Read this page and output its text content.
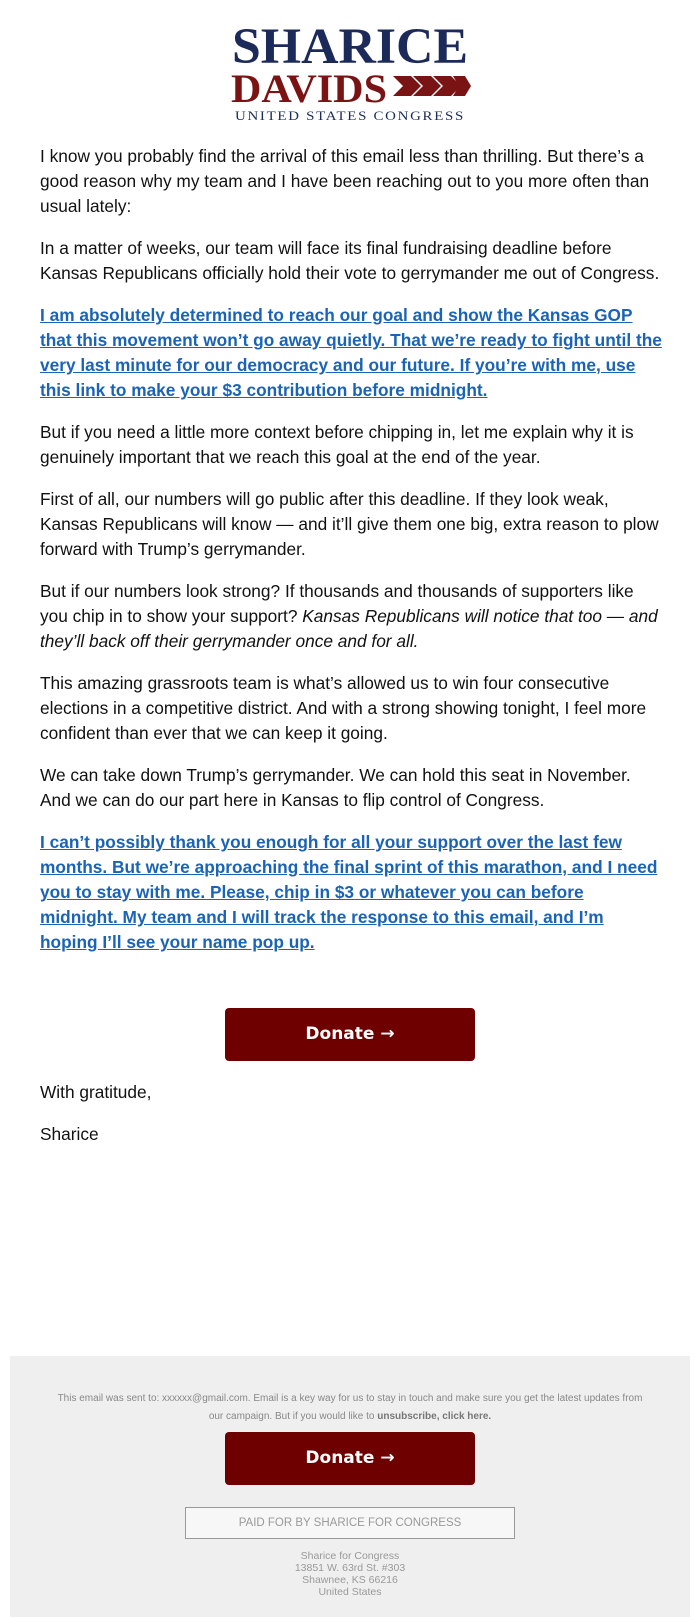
SHARICE
DAVIDS
UNITED STATES CONGRESS

I know you probably find the arrival of this email less than thrilling. But there’s a good reason why my team and I have been reaching out to you more often than usual lately:

In a matter of weeks, our team will face its final fundraising deadline before Kansas Republicans officially hold their vote to gerrymander me out of Congress.

I am absolutely determined to reach our goal and show the Kansas GOP that this movement won’t go away quietly. That we’re ready to fight until the very last minute for our democracy and our future. If you’re with me, use this link to make your $3 contribution before midnight.

But if you need a little more context before chipping in, let me explain why it is genuinely important that we reach this goal at the end of the year.

First of all, our numbers will go public after this deadline. If they look weak, Kansas Republicans will know — and it’ll give them one big, extra reason to plow forward with Trump’s gerrymander.

But if our numbers look strong? If thousands and thousands of supporters like you chip in to show your support? Kansas Republicans will notice that too — and they’ll back off their gerrymander once and for all.

This amazing grassroots team is what’s allowed us to win four consecutive elections in a competitive district. And with a strong showing tonight, I feel more confident than ever that we can keep it going.

We can take down Trump’s gerrymander. We can hold this seat in November. And we can do our part here in Kansas to flip control of Congress.

I can’t possibly thank you enough for all your support over the last few months. But we’re approaching the final sprint of this marathon, and I need you to stay with me. Please, chip in $3 or whatever you can before midnight. My team and I will track the response to this email, and I’m hoping I’ll see your name pop up.

Donate →

With gratitude,

Sharice

This email was sent to: xxxxxx@gmail.com. Email is a key way for us to stay in touch and make sure you get the latest updates from our campaign. But if you would like to unsubscribe, click here.
Donate →
PAID FOR BY SHARICE FOR CONGRESS
Sharice for Congress
13851 W. 63rd St. #303
Shawnee, KS 66216
United States
